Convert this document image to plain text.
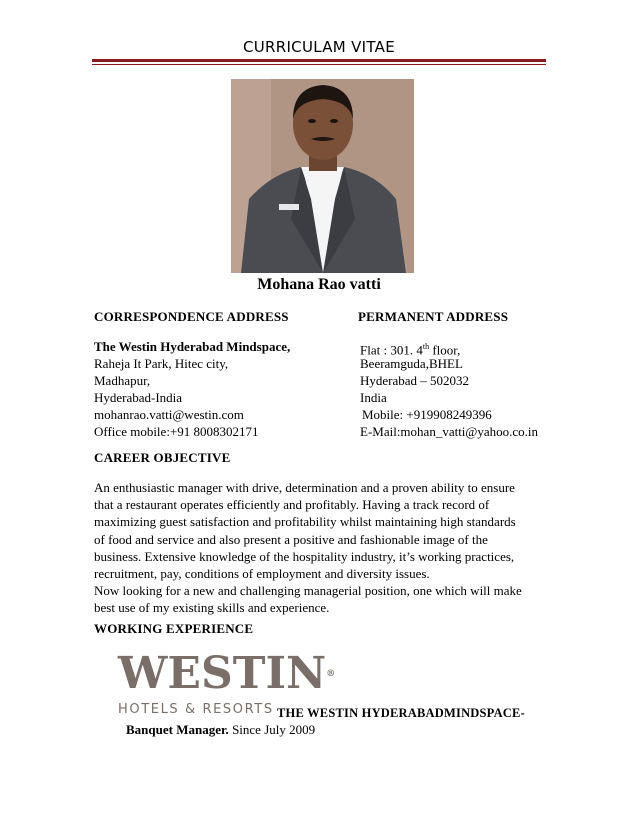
CURRICULAM VITAE
Mohana Rao vatti
CORRESPONDENCE ADDRESS
The Westin Hyderabad Mindspace,
Raheja It Park, Hitec city,
Madhapur,
Hyderabad-India
mohanrao.vatti@westin.com
Office mobile:+91 8008302171
PERMANENT ADDRESS
Flat : 301. 4th floor,
Beeramguda,BHEL
Hyderabad – 502032
India
Mobile: +919908249396
E-Mail:mohan_vatti@yahoo.co.in
CAREER OBJECTIVE
An enthusiastic manager with drive, determination and a proven ability to ensure
that a restaurant operates efficiently and profitably. Having a track record of
maximizing guest satisfaction and profitability whilst maintaining high standards
of food and service and also present a positive and fashionable image of the
business. Extensive knowledge of the hospitality industry, it’s working practices,
recruitment, pay, conditions of employment and diversity issues.
Now looking for a new and challenging managerial position, one which will make
best use of my existing skills and experience.
WORKING EXPERIENCE
WESTIN®
HOTELS & RESORTS THE WESTIN HYDERABADMINDSPACE-
Banquet Manager. Since July 2009
